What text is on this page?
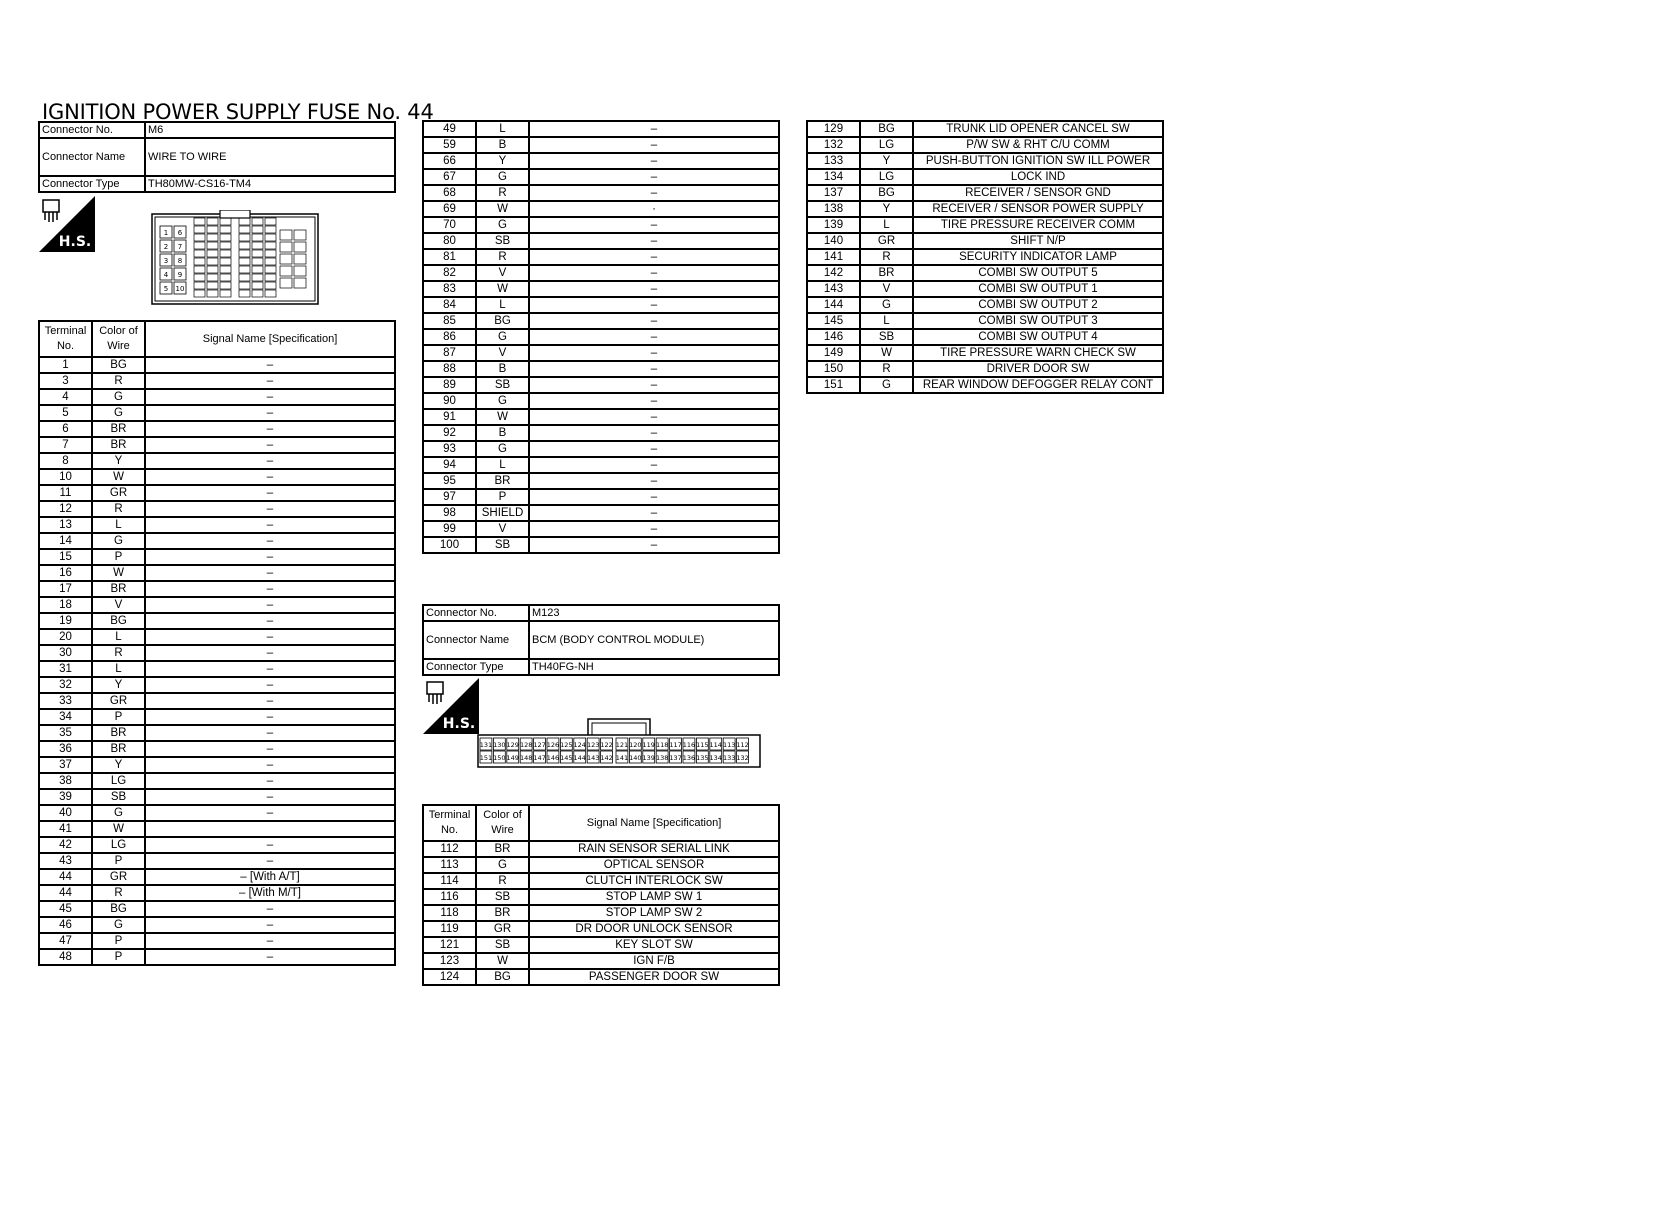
IGNITION POWER SUPPLY FUSE No. 44
Connector No.	M6
Connector Name	WIRE TO WIRE
Connector Type	TH80MW-CS16-TM4
H.S.
1 6
2 7
3 8
4 9
5 10
Terminal No.	Color of Wire	Signal Name [Specification]
1	BG	–
3	R	–
4	G	–
5	G	–
6	BR	–
7	BR	–
8	Y	–
10	W	–
11	GR	–
12	R	–
13	L	–
14	G	–
15	P	–
16	W	–
17	BR	–
18	V	–
19	BG	–
20	L	–
30	R	–
31	L	–
32	Y	–
33	GR	–
34	P	–
35	BR	–
36	BR	–
37	Y	–
38	LG	–
39	SB	–
40	G	–
41	W	
42	LG	–
43	P	–
44	GR	– [With A/T]
44	R	– [With M/T]
45	BG	–
46	G	–
47	P	–
48	P	–
49	L	–
59	B	–
66	Y	–
67	G	–
68	R	–
69	W	·
70	G	–
80	SB	–
81	R	–
82	V	–
83	W	–
84	L	–
85	BG	–
86	G	–
87	V	–
88	B	–
89	SB	–
90	G	–
91	W	–
92	B	–
93	G	–
94	L	–
95	BR	–
97	P	–
98	SHIELD	–
99	V	–
100	SB	–
Connector No.	M123
Connector Name	BCM (BODY CONTROL MODULE)
Connector Type	TH40FG-NH
H.S.
131 130 129 128 127 126 125 124 123 122 121 120 119 118 117 116 115 114 113 112
151 150 149 148 147 146 145 144 143 142 141 140 139 138 137 136 135 134 133 132
Terminal No.	Color of Wire	Signal Name [Specification]
112	BR	RAIN SENSOR SERIAL LINK
113	G	OPTICAL SENSOR
114	R	CLUTCH INTERLOCK SW
116	SB	STOP LAMP SW 1
118	BR	STOP LAMP SW 2
119	GR	DR DOOR UNLOCK SENSOR
121	SB	KEY SLOT SW
123	W	IGN F/B
124	BG	PASSENGER DOOR SW
129	BG	TRUNK LID OPENER CANCEL SW
132	LG	P/W SW & RHT C/U COMM
133	Y	PUSH-BUTTON IGNITION SW ILL POWER
134	LG	LOCK IND
137	BG	RECEIVER / SENSOR GND
138	Y	RECEIVER / SENSOR POWER SUPPLY
139	L	TIRE PRESSURE RECEIVER COMM
140	GR	SHIFT N/P
141	R	SECURITY INDICATOR LAMP
142	BR	COMBI SW OUTPUT 5
143	V	COMBI SW OUTPUT 1
144	G	COMBI SW OUTPUT 2
145	L	COMBI SW OUTPUT 3
146	SB	COMBI SW OUTPUT 4
149	W	TIRE PRESSURE WARN CHECK SW
150	R	DRIVER DOOR SW
151	G	REAR WINDOW DEFOGGER RELAY CONT
